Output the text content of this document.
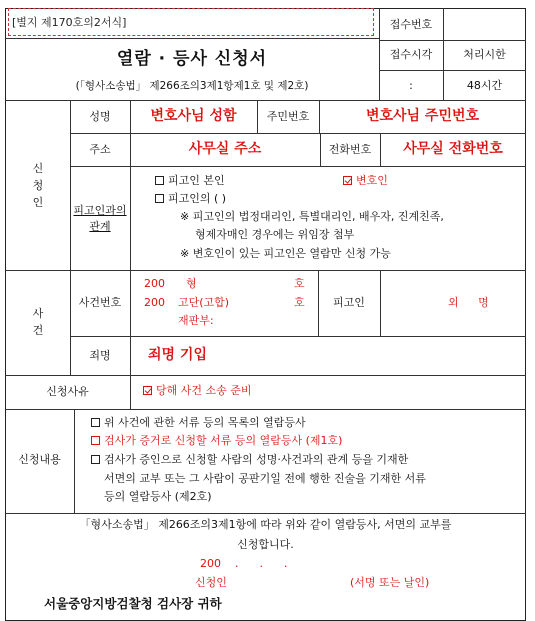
[별지 제170호의2서식]	접수번호
접수시각	처리시한
:	48시간
열람 · 등사 신청서
(「형사소송법」 제266조의3제1항제1호 및 제2호)
신청인
성명	변호사님 성함	주민번호	변호사님 주민번호
주소	사무실 주소	전화번호	사무실 전화번호
피고인과의관계
피고인 본인	변호인
피고인의 ( )
※ 피고인의 법정대리인, 특별대리인, 배우자, 진계친족,
형제자매인 경우에는 위임장 첨부
※ 변호인이 있는 피고인은 열람만 신청 가능
사건
사건번호
200 형	호
200 고단(고합)	호
재판부:
피고인	외 명
죄명	죄명 기입
신청사유	당해 사건 소송 준비
신청내용
위 사건에 관한 서류 등의 목록의 열람등사
검사가 증거로 신청할 서류 등의 열람등사 (제1호)
검사가 증인으로 신청할 사람의 성명·사건과의 관계 등을 기재한
서면의 교부 또는 그 사람이 공판기일 전에 행한 진술을 기재한 서류
등의 열람등사 (제2호)
「형사소송법」 제266조의3제1항에 따라 위와 같이 열람등사, 서면의 교부를
신청합니다.
200    .      .      .
신청인	(서명 또는 날인)
서울중앙지방검찰청 검사장 귀하
